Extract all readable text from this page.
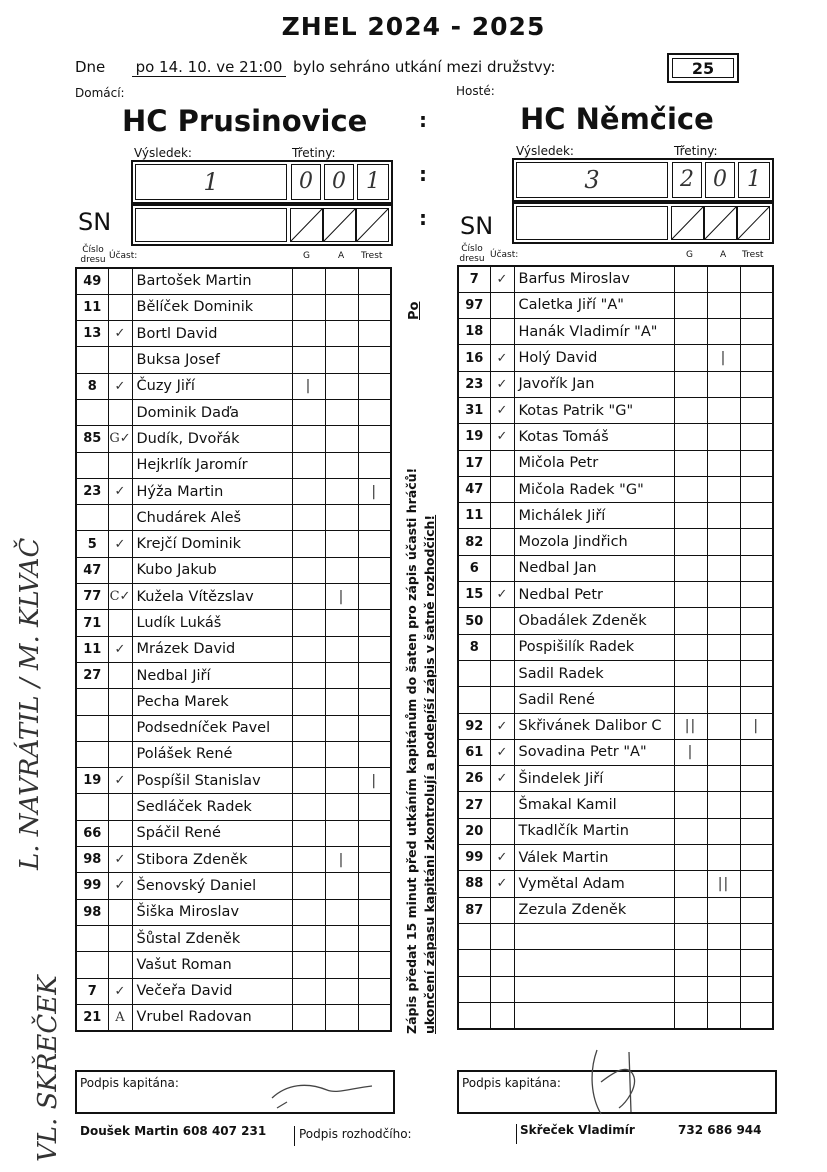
ZHEL 2024 - 2025
Dne po 14. 10. ve 21:00 bylo sehráno utkání mezi družstvy:	25
Domácí:	Hosté:
HC Prusinovice	HC Němčice
:
:
:
Výsledek:	Třetiny:
1	0 0 1
Výsledek:	Třetiny:
3	2 0 1
SN	SN
Číslo dresu Účast:	G	A Trest
Číslo dresu Účast:	G	A Trest
49		Bartošek Martin			
11		Bělíček Dominik			
13	✓	Bortl David			
		Buksa Josef			
8	✓	Čuzy Jiří	|		
		Dominik Daďa			
85	G✓	Dudík, Dvořák			
		Hejkrlík Jaromír			
23	✓	Hýža Martin			|
		Chudárek Aleš			
5	✓	Krejčí Dominik			
47		Kubo Jakub			
77	C✓	Kužela Vítězslav		|	
71		Ludík Lukáš			
11	✓	Mrázek David			
27		Nedbal Jiří			
		Pecha Marek			
		Podsedníček Pavel			
		Polášek René			
19	✓	Pospíšil Stanislav			|
		Sedláček Radek			
66		Spáčil René			
98	✓	Stibora Zdeněk		|	
99	✓	Šenovský Daniel			
98		Šiška Miroslav			
		Šůstal Zdeněk			
		Vašut Roman			
7	✓	Večeřa David			
21	A	Vrubel Radovan			
7	✓	Barfus Miroslav			
97		Caletka Jiří "A"			
18		Hanák Vladimír "A"			
16	✓	Holý David		|	
23	✓	Javořík Jan			
31	✓	Kotas Patrik "G"			
19	✓	Kotas Tomáš			
17		Mičola Petr			
47		Mičola Radek "G"			
11		Michálek Jiří			
82		Mozola Jindřich			
6		Nedbal Jan			
15	✓	Nedbal Petr			
50		Obadálek Zdeněk			
8		Pospišilík Radek			
		Sadil Radek			
		Sadil René			
92	✓	Skřivánek Dalibor C	||		|
61	✓	Sovadina Petr "A"	|		
26	✓	Šindelek Jiří			
27		Šmakal Kamil			
20		Tkadlčík Martin			
99	✓	Válek Martin			
88	✓	Vymětal Adam		||	
87		Zezula Zdeněk			

Po
Zápis předat 15 minut před utkáním kapitánům do šaten pro zápis účasti hráčů! ukončení zápasu kapitáni zkontrolují a podepíší zápis v šatně rozhodčích!
L. NAVRÁTIL / M. KLVAČ
VL. SKŘEČEK Podpis kapitána:	Podpis kapitána:
Doušek Martin 608 407 231	Podpis rozhodčího:	Skřeček Vladimír	732 686 944
